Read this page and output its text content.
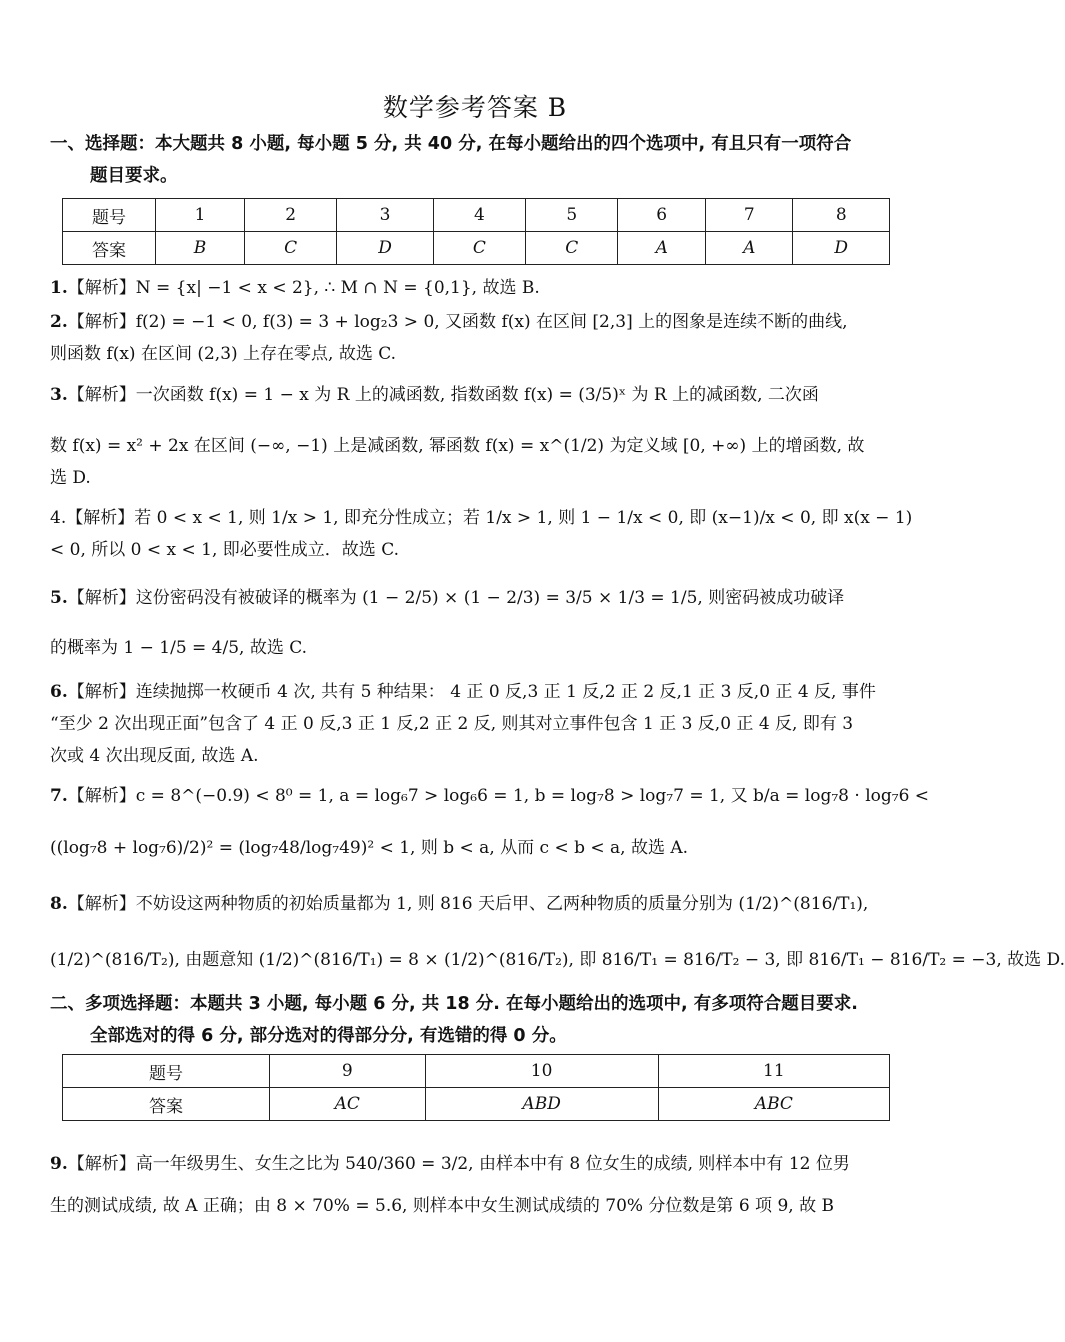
数学参考答案 B
一、选择题：本大题共 8 小题, 每小题 5 分, 共 40 分, 在每小题给出的四个选项中, 有且只有一项符合
题目要求。
题号	1	2	3	4	5	6	7	8
答案	B	C	D	C	C	A	A	D
1.【解析】N = {x| −1 < x < 2}, ∴ M ∩ N = {0,1}, 故选 B.
2.【解析】f(2) = −1 < 0, f(3) = 3 + log₂3 > 0, 又函数 f(x) 在区间 [2,3] 上的图象是连续不断的曲线,
则函数 f(x) 在区间 (2,3) 上存在零点, 故选 C.
3.【解析】一次函数 f(x) = 1 − x 为 R 上的减函数, 指数函数 f(x) = (3/5)ˣ 为 R 上的减函数, 二次函
数 f(x) = x² + 2x 在区间 (−∞, −1) 上是减函数, 幂函数 f(x) = x^(1/2) 为定义域 [0, +∞) 上的增函数, 故
选 D.
4.【解析】若 0 < x < 1, 则 1/x > 1, 即充分性成立；若 1/x > 1, 则 1 − 1/x < 0, 即 (x−1)/x < 0, 即 x(x − 1)
< 0, 所以 0 < x < 1, 即必要性成立．故选 C.
5.【解析】这份密码没有被破译的概率为 (1 − 2/5) × (1 − 2/3) = 3/5 × 1/3 = 1/5, 则密码被成功破译
的概率为 1 − 1/5 = 4/5, 故选 C.
6.【解析】连续抛掷一枚硬币 4 次, 共有 5 种结果： 4 正 0 反,3 正 1 反,2 正 2 反,1 正 3 反,0 正 4 反, 事件
“至少 2 次出现正面”包含了 4 正 0 反,3 正 1 反,2 正 2 反, 则其对立事件包含 1 正 3 反,0 正 4 反, 即有 3
次或 4 次出现反面, 故选 A.
7.【解析】c = 8^(−0.9) < 8⁰ = 1, a = log₆7 > log₆6 = 1, b = log₇8 > log₇7 = 1, 又 b/a = log₇8 · log₇6 <
((log₇8 + log₇6)/2)² = (log₇48/log₇49)² < 1, 则 b < a, 从而 c < b < a, 故选 A.
8.【解析】不妨设这两种物质的初始质量都为 1, 则 816 天后甲、乙两种物质的质量分别为 (1/2)^(816/T₁),
(1/2)^(816/T₂), 由题意知 (1/2)^(816/T₁) = 8 × (1/2)^(816/T₂), 即 816/T₁ = 816/T₂ − 3, 即 816/T₁ − 816/T₂ = −3, 故选 D.
二、多项选择题：本题共 3 小题, 每小题 6 分, 共 18 分. 在每小题给出的选项中, 有多项符合题目要求.
全部选对的得 6 分, 部分选对的得部分分, 有选错的得 0 分。
题号	9	10	11
答案	AC	ABD	ABC
9.【解析】高一年级男生、女生之比为 540/360 = 3/2, 由样本中有 8 位女生的成绩, 则样本中有 12 位男
生的测试成绩, 故 A 正确；由 8 × 70% = 5.6, 则样本中女生测试成绩的 70% 分位数是第 6 项 9, 故 B
